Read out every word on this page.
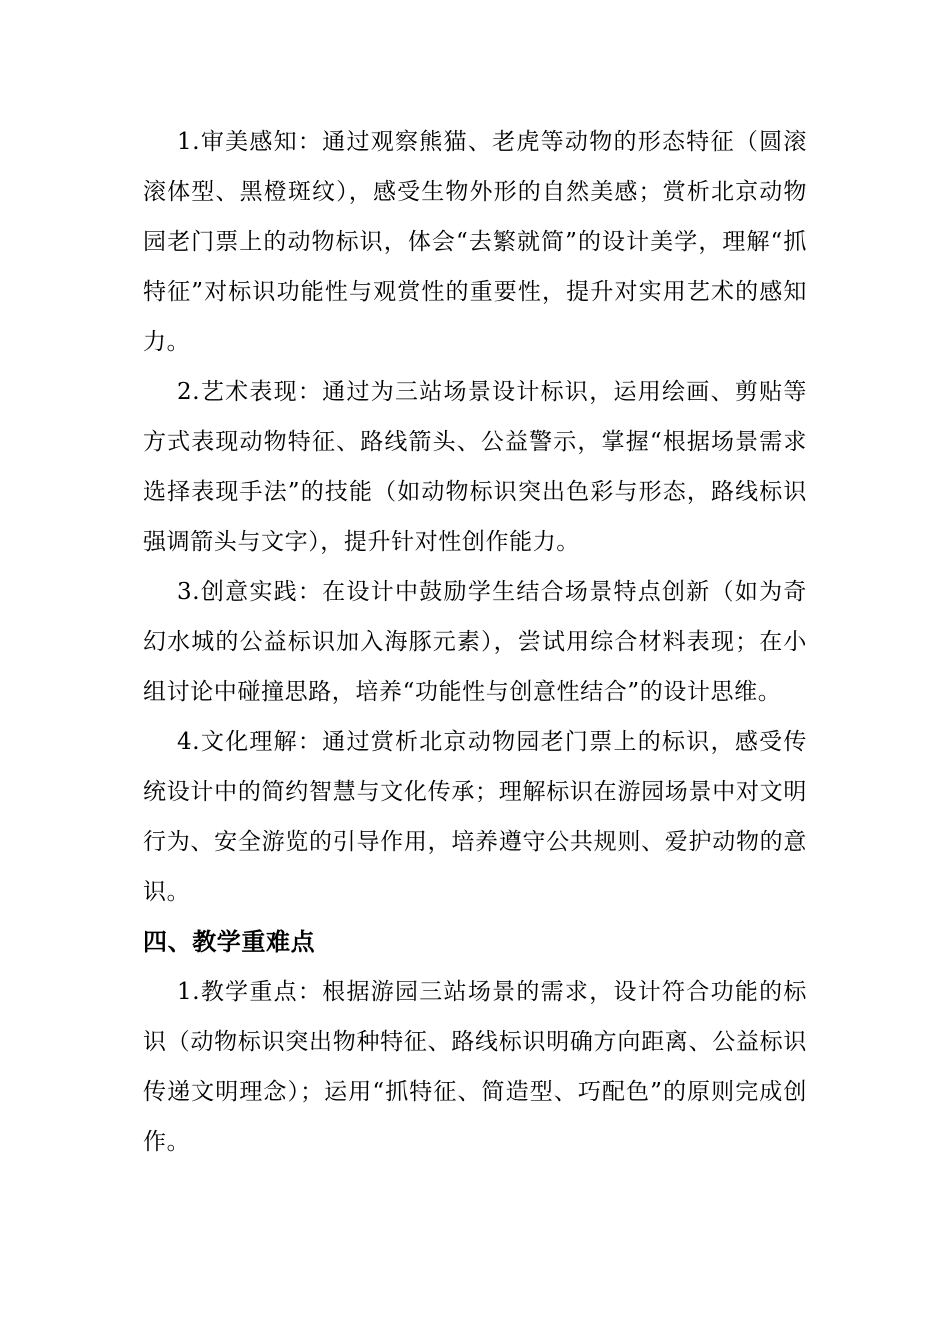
1.审美感知：通过观察熊猫、老虎等动物的形态特征（圆滚滚体型、黑橙斑纹），感受生物外形的自然美感；赏析北京动物园老门票上的动物标识，体会“去繁就简”的设计美学，理解“抓特征”对标识功能性与观赏性的重要性，提升对实用艺术的感知力。

2.艺术表现：通过为三站场景设计标识，运用绘画、剪贴等方式表现动物特征、路线箭头、公益警示，掌握“根据场景需求选择表现手法”的技能（如动物标识突出色彩与形态，路线标识强调箭头与文字），提升针对性创作能力。

3.创意实践：在设计中鼓励学生结合场景特点创新（如为奇幻水城的公益标识加入海豚元素），尝试用综合材料表现；在小组讨论中碰撞思路，培养“功能性与创意性结合”的设计思维。

4.文化理解：通过赏析北京动物园老门票上的标识，感受传统设计中的简约智慧与文化传承；理解标识在游园场景中对文明行为、安全游览的引导作用，培养遵守公共规则、爱护动物的意识。

四、教学重难点

1.教学重点：根据游园三站场景的需求，设计符合功能的标识（动物标识突出物种特征、路线标识明确方向距离、公益标识传递文明理念）；运用“抓特征、简造型、巧配色”的原则完成创作。
